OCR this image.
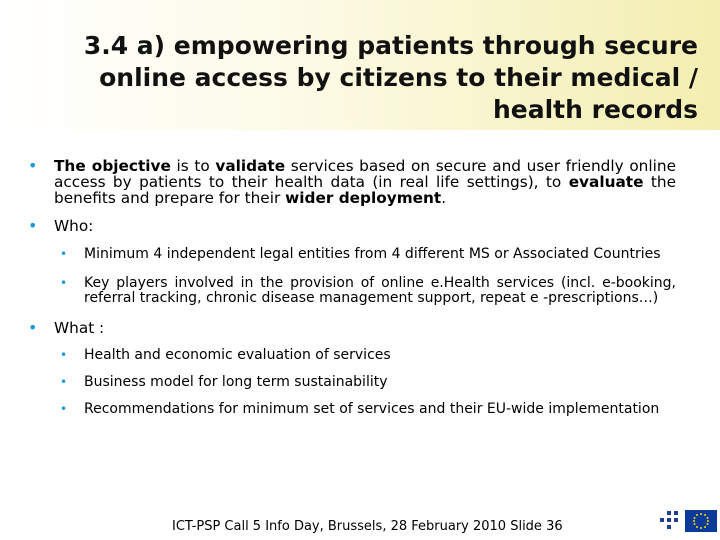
3.4 a) empowering patients through secure
online access by citizens to their medical /
health records
• The objective is to validate services based on secure and user friendly online access by patients to their health data (in real life settings), to evaluate the benefits and prepare for their wider deployment.
• Who:
• Minimum 4 independent legal entities from 4 different MS or Associated Countries
• Key players involved in the provision of online e.Health services (incl. e-booking, referral tracking, chronic disease management support, repeat e -prescriptions…)
• What :
• Health and economic evaluation of services
• Business model for long term sustainability
• Recommendations for minimum set of services and their EU-wide implementation
ICT-PSP Call 5 Info Day, Brussels, 28 February 2010 Slide 36
